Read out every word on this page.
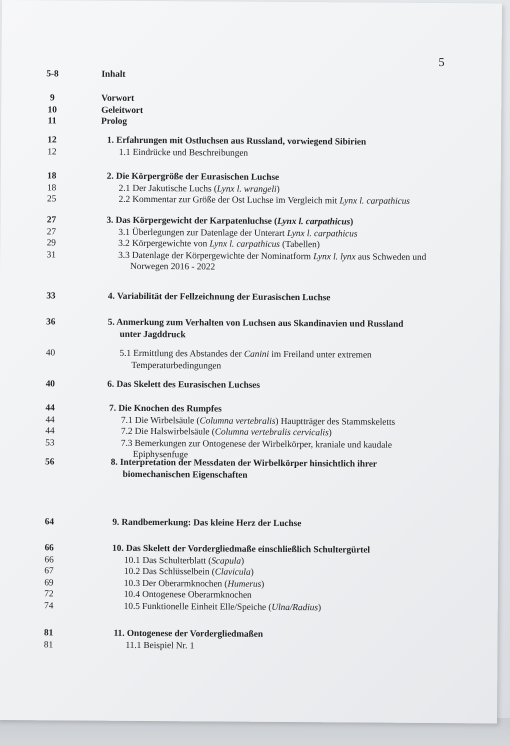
5
5-8	Inhalt
9	Vorwort
10	Geleitwort
11	Prolog
12	1. Erfahrungen mit Ostluchsen aus Russland, vorwiegend Sibirien
12	1.1 Eindrücke und Beschreibungen
18	2. Die Körpergröße der Eurasischen Luchse
18	2.1 Der Jakutische Luchs (Lynx l. wrangeli)
25	2.2 Kommentar zur Größe der Ost Luchse im Vergleich mit Lynx l. carpathicus
27	3. Das Körpergewicht der Karpatenluchse (Lynx l. carpathicus)
27	3.1 Überlegungen zur Datenlage der Unterart Lynx l. carpathicus
29	3.2 Körpergewichte von Lynx l. carpathicus (Tabellen)
31	3.3 Datenlage der Körpergewichte der Nominatform Lynx l. lynx aus Schweden und
Norwegen 2016 - 2022
33	4. Variabilität der Fellzeichnung der Eurasischen Luchse
36	5. Anmerkung zum Verhalten von Luchsen aus Skandinavien und Russland
unter Jagddruck
40	5.1 Ermittlung des Abstandes der Canini im Freiland unter extremen
Temperaturbedingungen
40	6. Das Skelett des Eurasischen Luchses
44	7. Die Knochen des Rumpfes
44	7.1 Die Wirbelsäule (Columna vertebralis) Hauptträger des Stammskeletts
44	7.2 Die Halswirbelsäule (Columna vertebralis cervicalis)
53	7.3 Bemerkungen zur Ontogenese der Wirbelkörper, kraniale und kaudale
Epiphysenfuge
56	8. Interpretation der Messdaten der Wirbelkörper hinsichtlich ihrer
biomechanischen Eigenschaften
64	9. Randbemerkung: Das kleine Herz der Luchse
66	10. Das Skelett der Vordergliedmaße einschließlich Schultergürtel
66	10.1 Das Schulterblatt (Scapula)
67	10.2 Das Schlüsselbein (Clavicula)
69	10.3 Der Oberarmknochen (Humerus)
72	10.4 Ontogenese Oberarmknochen
74	10.5 Funktionelle Einheit Elle/Speiche (Ulna/Radius)
81	11. Ontogenese der Vordergliedmaßen
81	11.1 Beispiel Nr. 1
